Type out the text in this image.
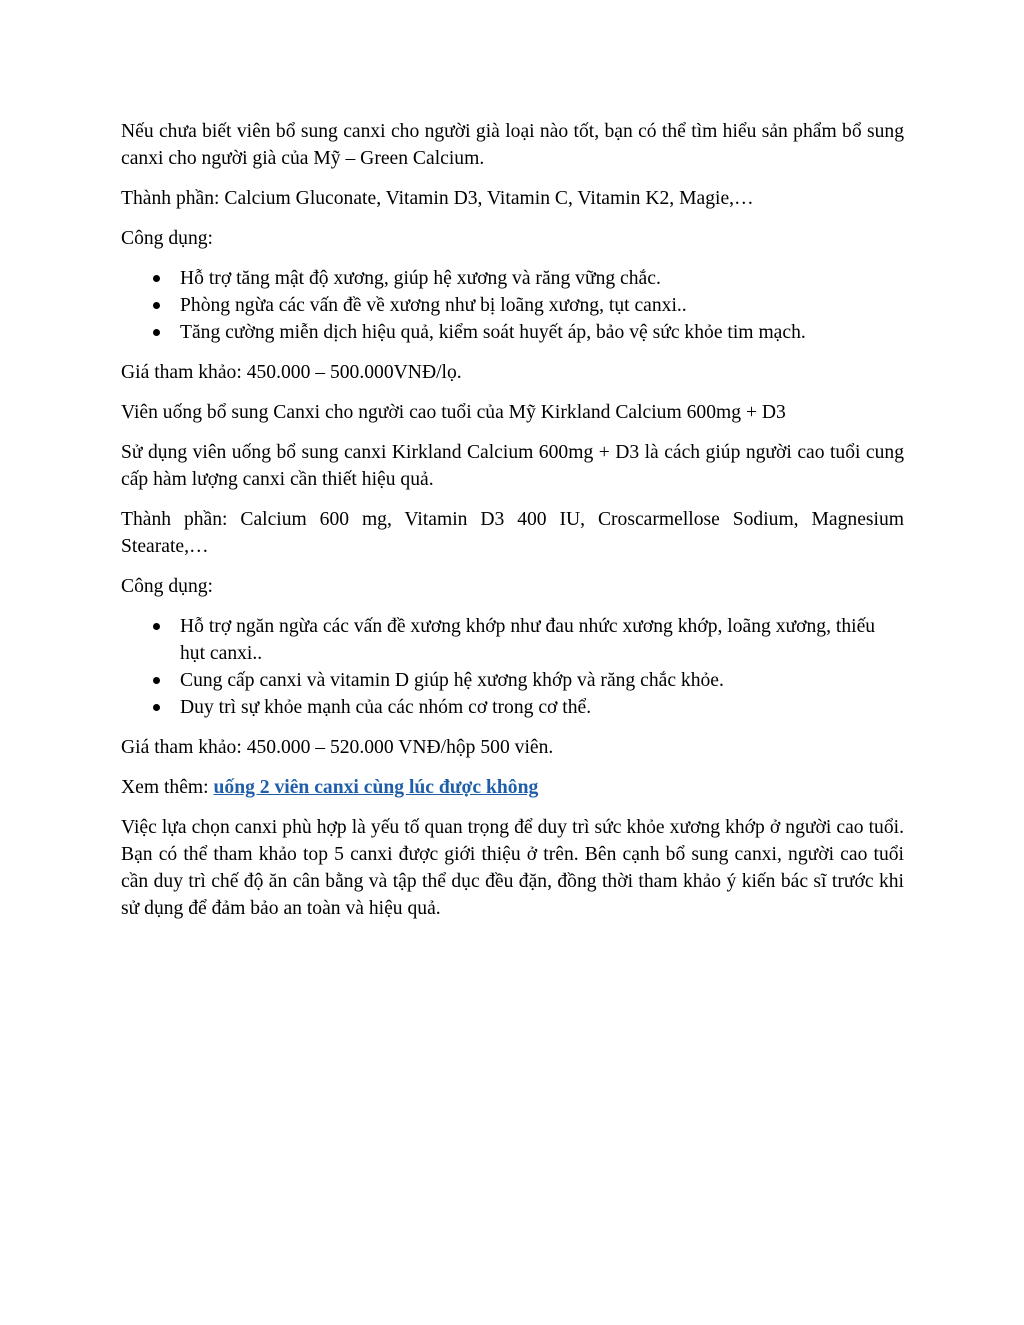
Nếu chưa biết viên bổ sung canxi cho người già loại nào tốt, bạn có thể tìm hiểu sản phẩm bổ sung canxi cho người già của Mỹ – Green Calcium.

Thành phần: Calcium Gluconate, Vitamin D3, Vitamin C, Vitamin K2, Magie,…

Công dụng:

Hỗ trợ tăng mật độ xương, giúp hệ xương và răng vững chắc.
Phòng ngừa các vấn đề về xương như bị loãng xương, tụt canxi..
Tăng cường miễn dịch hiệu quả, kiểm soát huyết áp, bảo vệ sức khỏe tim mạch.

Giá tham khảo: 450.000 – 500.000VNĐ/lọ.

Viên uống bổ sung Canxi cho người cao tuổi của Mỹ Kirkland Calcium 600mg + D3

Sử dụng viên uống bổ sung canxi Kirkland Calcium 600mg + D3 là cách giúp người cao tuổi cung cấp hàm lượng canxi cần thiết hiệu quả.

Thành phần: Calcium 600 mg, Vitamin D3 400 IU, Croscarmellose Sodium, Magnesium Stearate,…

Công dụng:

Hỗ trợ ngăn ngừa các vấn đề xương khớp như đau nhức xương khớp, loãng xương, thiếu hụt canxi..
Cung cấp canxi và vitamin D giúp hệ xương khớp và răng chắc khỏe.
Duy trì sự khỏe mạnh của các nhóm cơ trong cơ thể.

Giá tham khảo: 450.000 – 520.000 VNĐ/hộp 500 viên.

Xem thêm: uống 2 viên canxi cùng lúc được không

Việc lựa chọn canxi phù hợp là yếu tố quan trọng để duy trì sức khỏe xương khớp ở người cao tuổi. Bạn có thể tham khảo top 5 canxi được giới thiệu ở trên. Bên cạnh bổ sung canxi, người cao tuổi cần duy trì chế độ ăn cân bằng và tập thể dục đều đặn, đồng thời tham khảo ý kiến bác sĩ trước khi sử dụng để đảm bảo an toàn và hiệu quả.
